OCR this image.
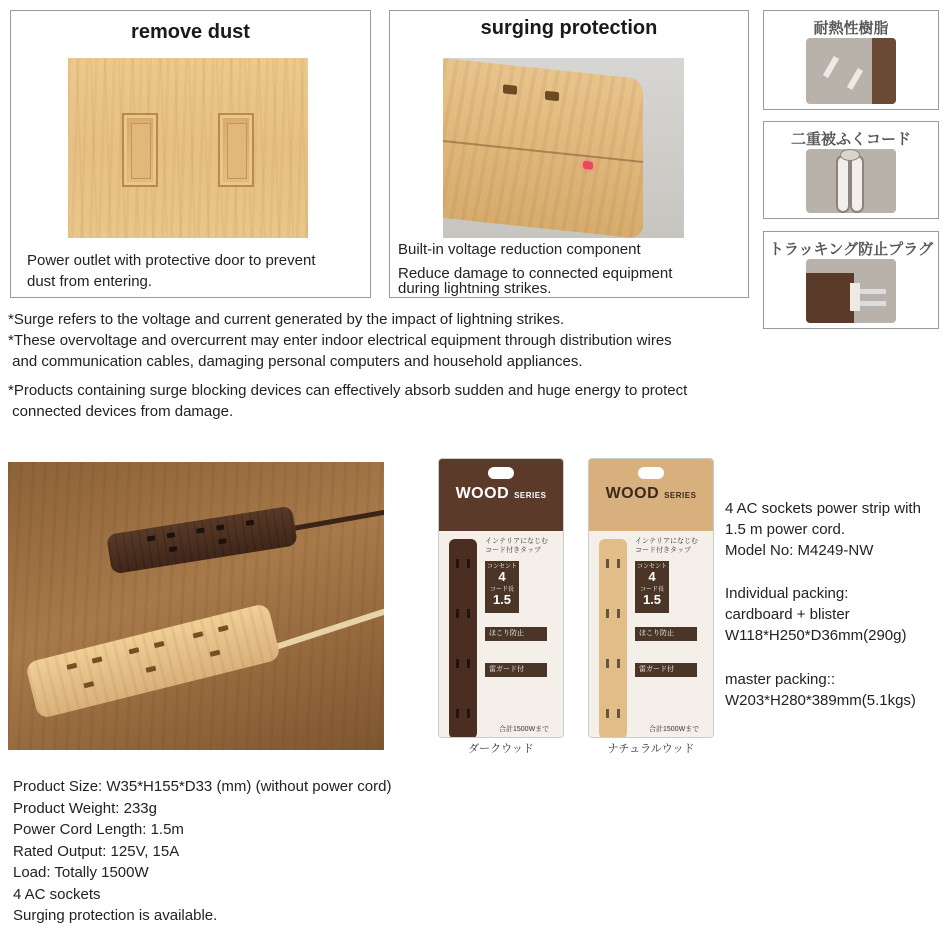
remove dust
Power outlet with protective door to prevent
dust from entering.
surging protection
Built-in voltage reduction component
Reduce damage to connected equipment
during lightning strikes.
耐熱性樹脂
二重被ふくコード
トラッキング防止プラグ
*Surge refers to the voltage and current generated by the impact of lightning strikes.
*These overvoltage and overcurrent may enter indoor electrical equipment through distribution wires
and communication cables, damaging personal computers and household appliances.
*Products containing surge blocking devices can effectively absorb sudden and huge energy to protect
connected devices from damage.
WOOD SERIES
インテリアになじむ
コード付きタップ
コンセント
4
コード長
1.5
ほこり防止
雷ガード付
合計1500Wまで
ダークウッド
WOOD SERIES
インテリアになじむ
コード付きタップ
コンセント
4
コード長
1.5
ほこり防止
雷ガード付
合計1500Wまで
ナチュラルウッド
4 AC sockets power strip with
1.5 m power cord.
Model No: M4249-NW
Individual packing:
cardboard + blister
W118*H250*D36mm(290g)
master packing::
W203*H280*389mm(5.1kgs)
Product Size: W35*H155*D33 (mm) (without power cord)
Product Weight: 233g
Power Cord Length: 1.5m
Rated Output: 125V, 15A
Load: Totally 1500W
4 AC sockets
Surging protection is available.
